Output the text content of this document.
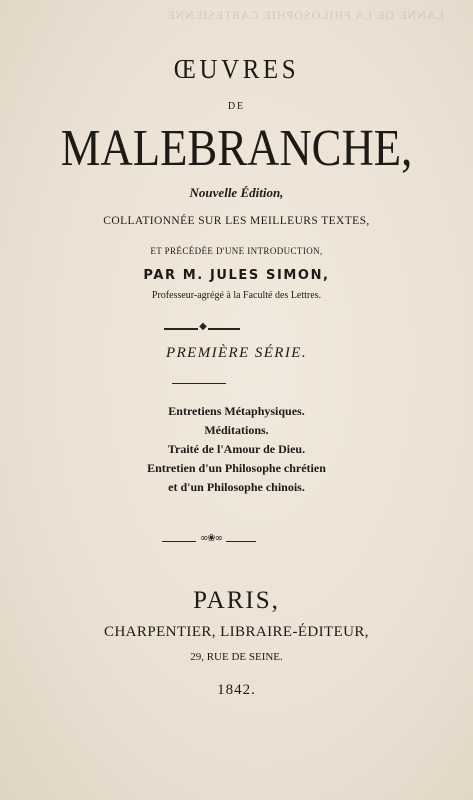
LANNE DE LA PHILOSOPHIE CARTESIENNE
ŒUVRES
DE
MALEBRANCHE,
Nouvelle Édition,
COLLATIONNÉE SUR LES MEILLEURS TEXTES,
ET PRÉCÉDÉE D'UNE INTRODUCTION,
PAR M. JULES SIMON,
Professeur-agrégé à la Faculté des Lettres.
◆
PREMIÈRE SÉRIE.
Entretiens Métaphysiques.
Méditations.
Traité de l'Amour de Dieu.
Entretien d'un Philosophe chrétien
et d'un Philosophe chinois.
∞❀∞
PARIS,
CHARPENTIER, LIBRAIRE-ÉDITEUR,
29, RUE DE SEINE.
1842.
